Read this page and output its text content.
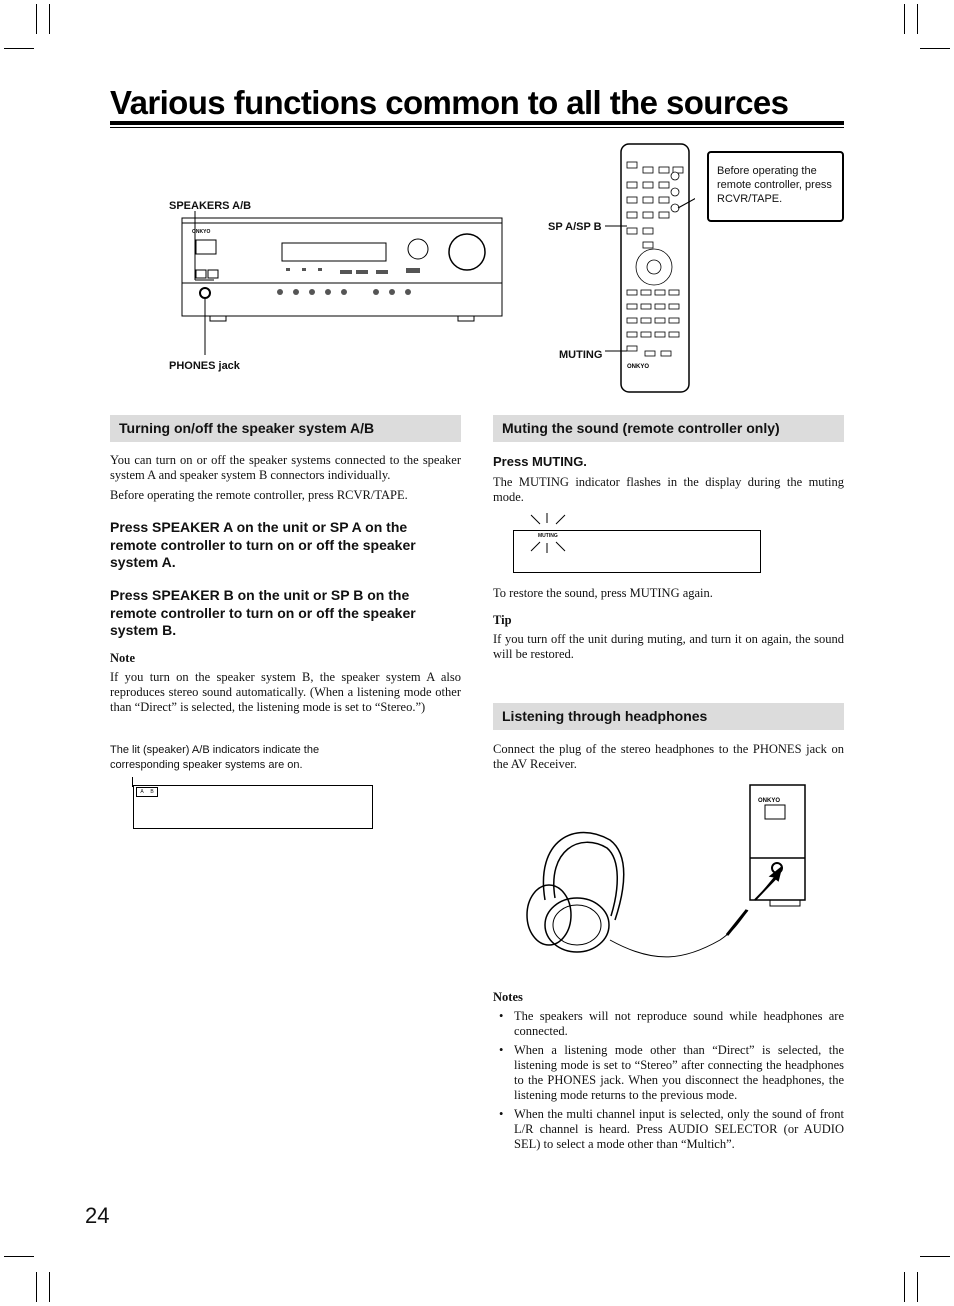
Various functions common to all the sources
SPEAKERS A/B
PHONES jack
SP A/SP B
MUTING
ONKYO
ONKYO
Before operating the remote controller, press RCVR/TAPE.
Turning on/off the speaker system A/B
You can turn on or off the speaker systems connected to the speaker system A and speaker system B connectors individually.
Before operating the remote controller, press RCVR/TAPE.
Press SPEAKER A on the unit or SP A on the remote controller to turn on or off the speaker system A.
Press SPEAKER B on the unit or SP B on the remote controller to turn on or off the speaker system B.
Note
If you turn on the speaker system B, the speaker system A also reproduces stereo sound automatically. (When a listening mode other than “Direct” is selected, the listening mode is set to “Stereo.”)
The lit (speaker) A/B indicators indicate the corresponding speaker systems are on.
A B
Muting the sound (remote controller only)
Press MUTING.
The MUTING indicator flashes in the display during the muting mode.
MUTING
To restore the sound, press MUTING again.
Tip
If you turn off the unit during muting, and turn it on again, the sound will be restored.
Listening through headphones
Connect the plug of the stereo headphones to the PHONES jack on the AV Receiver.
ONKYO
Notes
• The speakers will not reproduce sound while headphones are connected.
• When a listening mode other than “Direct” is selected, the listening mode is set to “Stereo” after connecting the headphones to the PHONES jack. When you disconnect the headphones, the listening mode returns to the previous mode.
• When the multi channel input is selected, only the sound of front L/R channel is heard. Press AUDIO SELECTOR (or AUDIO SEL) to select a mode other than “Multich”.
24
